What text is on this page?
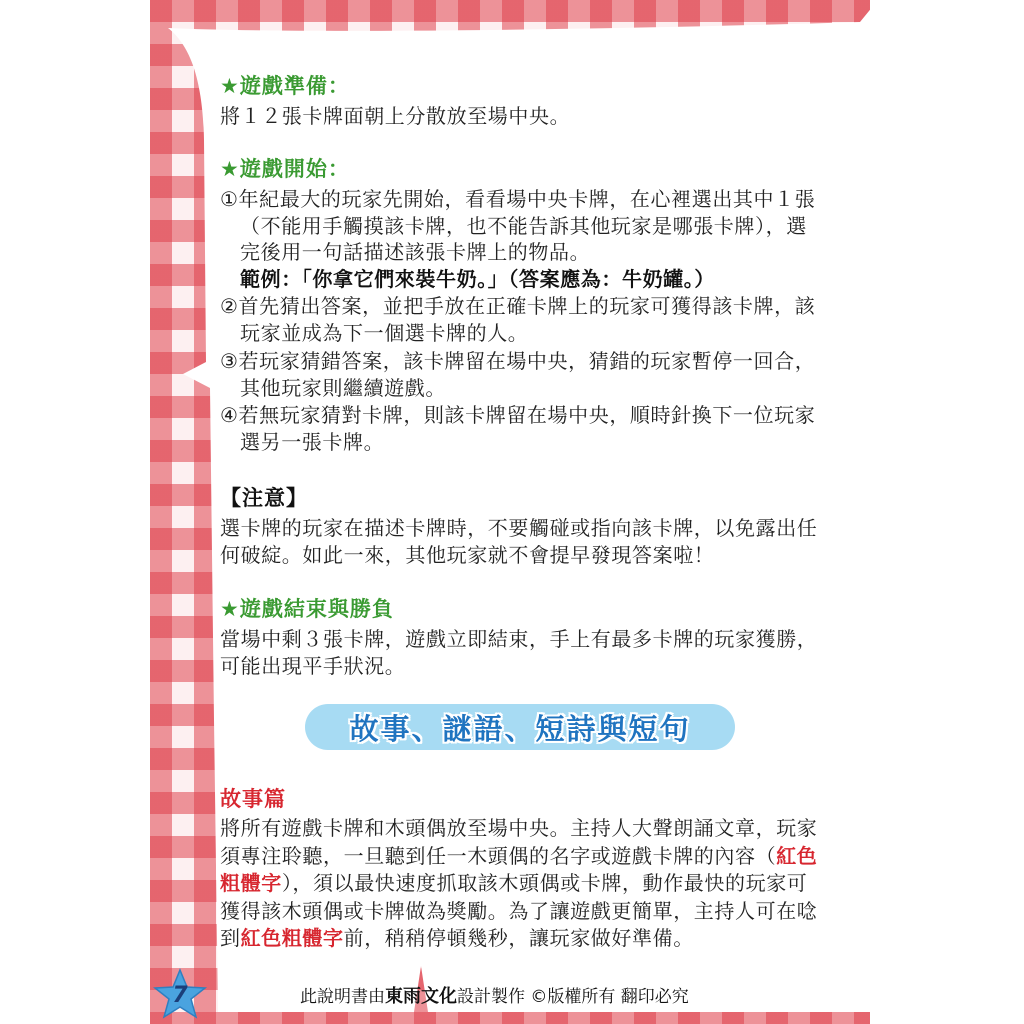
★遊戲準備：
將１２張卡牌面朝上分散放至場中央。
★遊戲開始：
①年紀最大的玩家先開始，看看場中央卡牌，在心裡選出其中１張
（不能用手觸摸該卡牌，也不能告訴其他玩家是哪張卡牌），選
完後用一句話描述該張卡牌上的物品。
範例：「你拿它們來裝牛奶。」（答案應為：牛奶罐。）
②首先猜出答案，並把手放在正確卡牌上的玩家可獲得該卡牌，該
玩家並成為下一個選卡牌的人。
③若玩家猜錯答案，該卡牌留在場中央，猜錯的玩家暫停一回合，
其他玩家則繼續遊戲。
④若無玩家猜對卡牌，則該卡牌留在場中央，順時針換下一位玩家
選另一張卡牌。
【注意】
選卡牌的玩家在描述卡牌時，不要觸碰或指向該卡牌，以免露出任
何破綻。如此一來，其他玩家就不會提早發現答案啦！
★遊戲結束與勝負
當場中剩３張卡牌，遊戲立即結束，手上有最多卡牌的玩家獲勝，
可能出現平手狀況。
故事、謎語、短詩與短句
故事篇
將所有遊戲卡牌和木頭偶放至場中央。主持人大聲朗誦文章，玩家
須專注聆聽，一旦聽到任一木頭偶的名字或遊戲卡牌的內容（紅色
粗體字），須以最快速度抓取該木頭偶或卡牌，動作最快的玩家可
獲得該木頭偶或卡牌做為獎勵。為了讓遊戲更簡單，主持人可在唸
到紅色粗體字前，稍稍停頓幾秒，讓玩家做好準備。
7	此說明書由東雨文化設計製作 ©版權所有 翻印必究
